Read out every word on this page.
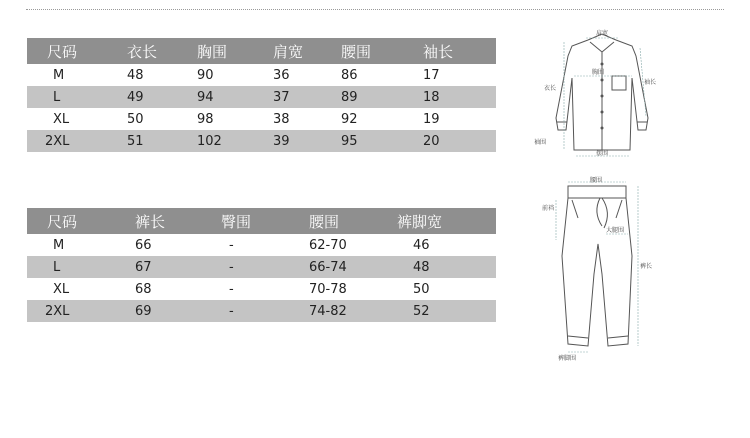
尺码	衣长	胸围	肩宽	腰围	袖长
M	48	90	36	86	17
L	49	94	37	89	18
XL	50	98	38	92	19
2XL	51	102	39	95	20
尺码	裤长	臀围	腰围	裤脚宽
M	66	-	62-70	46
L	67	-	66-74	48
XL	68	-	70-78	50
2XL	69	-	74-82	52
肩宽
胸围
衣长
袖长
袖围
摆围
腰围
前裆
大腿围
裤长
裤脚围
